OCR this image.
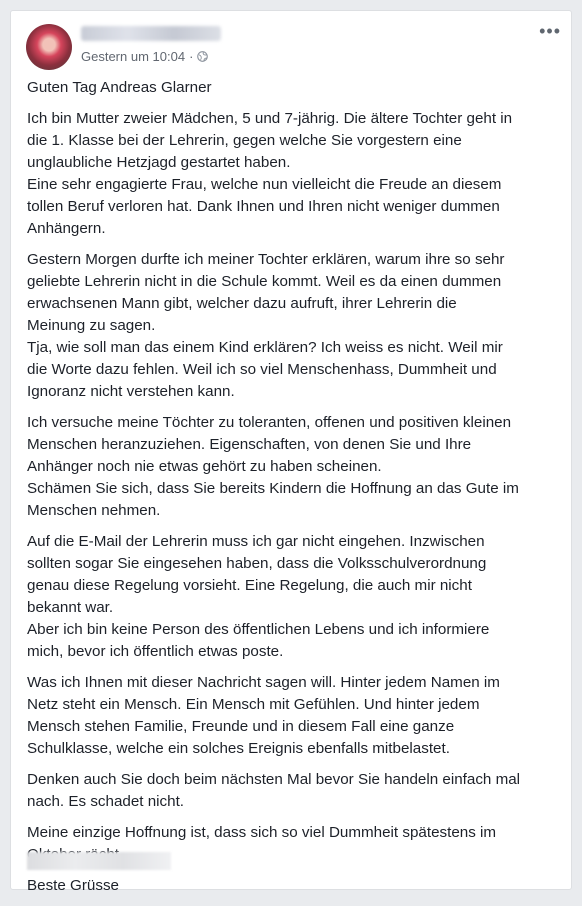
Gestern um 10:04 ·
•••

Guten Tag Andreas Glarner

Ich bin Mutter zweier Mädchen, 5 und 7-jährig. Die ältere Tochter geht in
die 1. Klasse bei der Lehrerin, gegen welche Sie vorgestern eine
unglaubliche Hetzjagd gestartet haben.
Eine sehr engagierte Frau, welche nun vielleicht die Freude an diesem
tollen Beruf verloren hat. Dank Ihnen und Ihren nicht weniger dummen
Anhängern.

Gestern Morgen durfte ich meiner Tochter erklären, warum ihre so sehr
geliebte Lehrerin nicht in die Schule kommt. Weil es da einen dummen
erwachsenen Mann gibt, welcher dazu aufruft, ihrer Lehrerin die
Meinung zu sagen.
Tja, wie soll man das einem Kind erklären? Ich weiss es nicht. Weil mir
die Worte dazu fehlen. Weil ich so viel Menschenhass, Dummheit und
Ignoranz nicht verstehen kann.

Ich versuche meine Töchter zu toleranten, offenen und positiven kleinen
Menschen heranzuziehen. Eigenschaften, von denen Sie und Ihre
Anhänger noch nie etwas gehört zu haben scheinen.
Schämen Sie sich, dass Sie bereits Kindern die Hoffnung an das Gute im
Menschen nehmen.

Auf die E-Mail der Lehrerin muss ich gar nicht eingehen. Inzwischen
sollten sogar Sie eingesehen haben, dass die Volksschulverordnung
genau diese Regelung vorsieht. Eine Regelung, die auch mir nicht
bekannt war.
Aber ich bin keine Person des öffentlichen Lebens und ich informiere
mich, bevor ich öffentlich etwas poste.

Was ich Ihnen mit dieser Nachricht sagen will. Hinter jedem Namen im
Netz steht ein Mensch. Ein Mensch mit Gefühlen. Und hinter jedem
Mensch stehen Familie, Freunde und in diesem Fall eine ganze
Schulklasse, welche ein solches Ereignis ebenfalls mitbelastet.

Denken auch Sie doch beim nächsten Mal bevor Sie handeln einfach mal
nach. Es schadet nicht.

Meine einzige Hoffnung ist, dass sich so viel Dummheit spätestens im

Beste Grüsse
